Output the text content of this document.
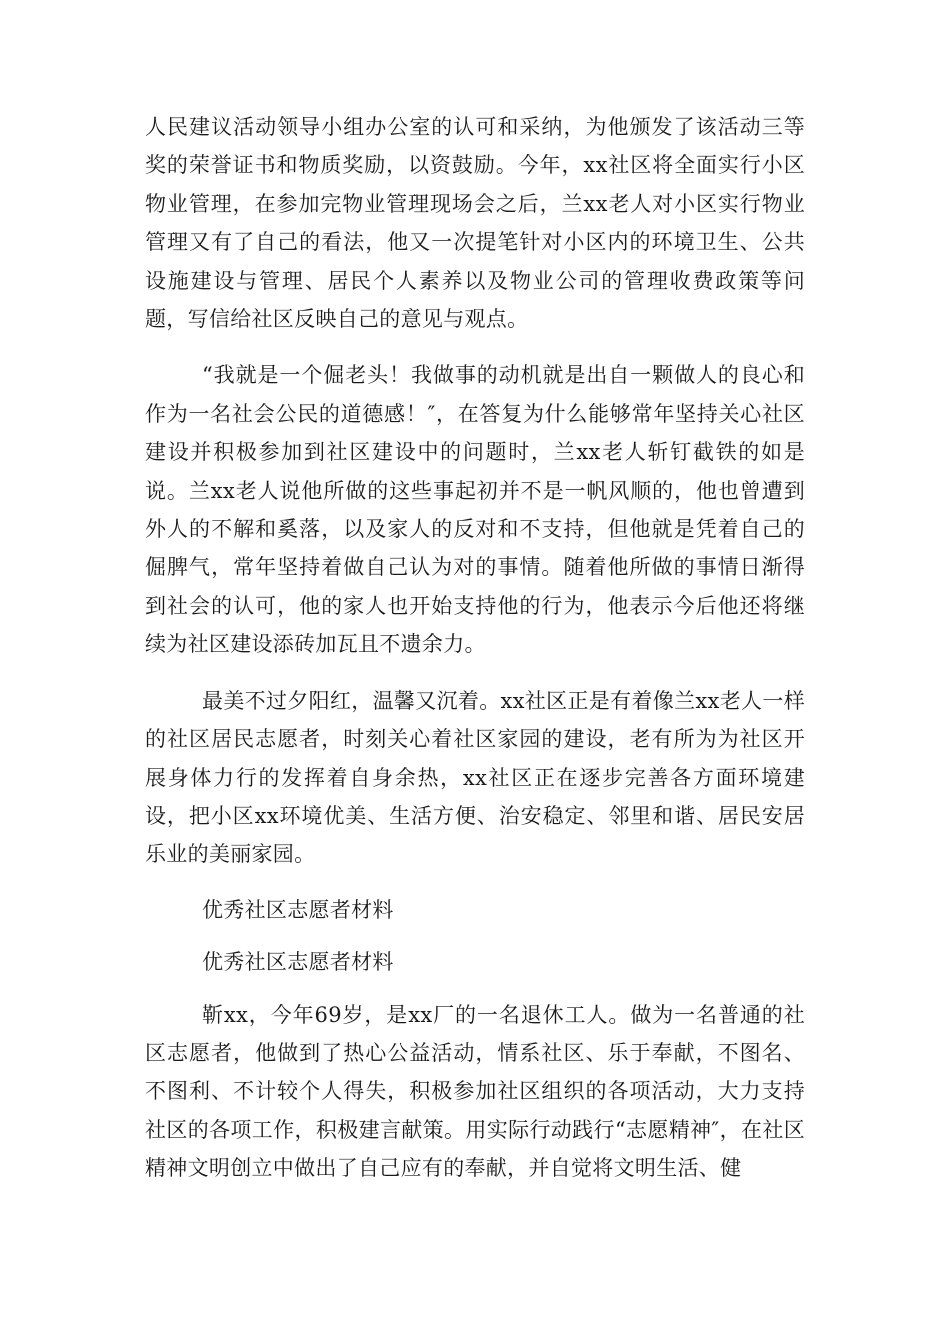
人民建议活动领导小组办公室的认可和采纳，为他颁发了该活动三等奖的荣誉证书和物质奖励，以资鼓励。今年，xx社区将全面实行小区物业管理，在参加完物业管理现场会之后，兰xx老人对小区实行物业管理又有了自己的看法，他又一次提笔针对小区内的环境卫生、公共设施建设与管理、居民个人素养以及物业公司的管理收费政策等问题，写信给社区反映自己的意见与观点。

“我就是一个倔老头！我做事的动机就是出自一颗做人的良心和作为一名社会公民的道德感！″，在答复为什么能够常年坚持关心社区建设并积极参加到社区建设中的问题时，兰xx老人斩钉截铁的如是说。兰xx老人说他所做的这些事起初并不是一帆风顺的，他也曾遭到外人的不解和奚落，以及家人的反对和不支持，但他就是凭着自己的倔脾气，常年坚持着做自己认为对的事情。随着他所做的事情日渐得到社会的认可，他的家人也开始支持他的行为，他表示今后他还将继续为社区建设添砖加瓦且不遗余力。

最美不过夕阳红，温馨又沉着。xx社区正是有着像兰xx老人一样的社区居民志愿者，时刻关心着社区家园的建设，老有所为为社区开展身体力行的发挥着自身余热，xx社区正在逐步完善各方面环境建设，把小区xx环境优美、生活方便、治安稳定、邻里和谐、居民安居乐业的美丽家园。

优秀社区志愿者材料

优秀社区志愿者材料

靳xx，今年69岁，是xx厂的一名退休工人。做为一名普通的社区志愿者，他做到了热心公益活动，情系社区、乐于奉献，不图名、不图利、不计较个人得失，积极参加社区组织的各项活动，大力支持社区的各项工作，积极建言献策。用实际行动践行“志愿精神″，在社区精神文明创立中做出了自己应有的奉献，并自觉将文明生活、健
